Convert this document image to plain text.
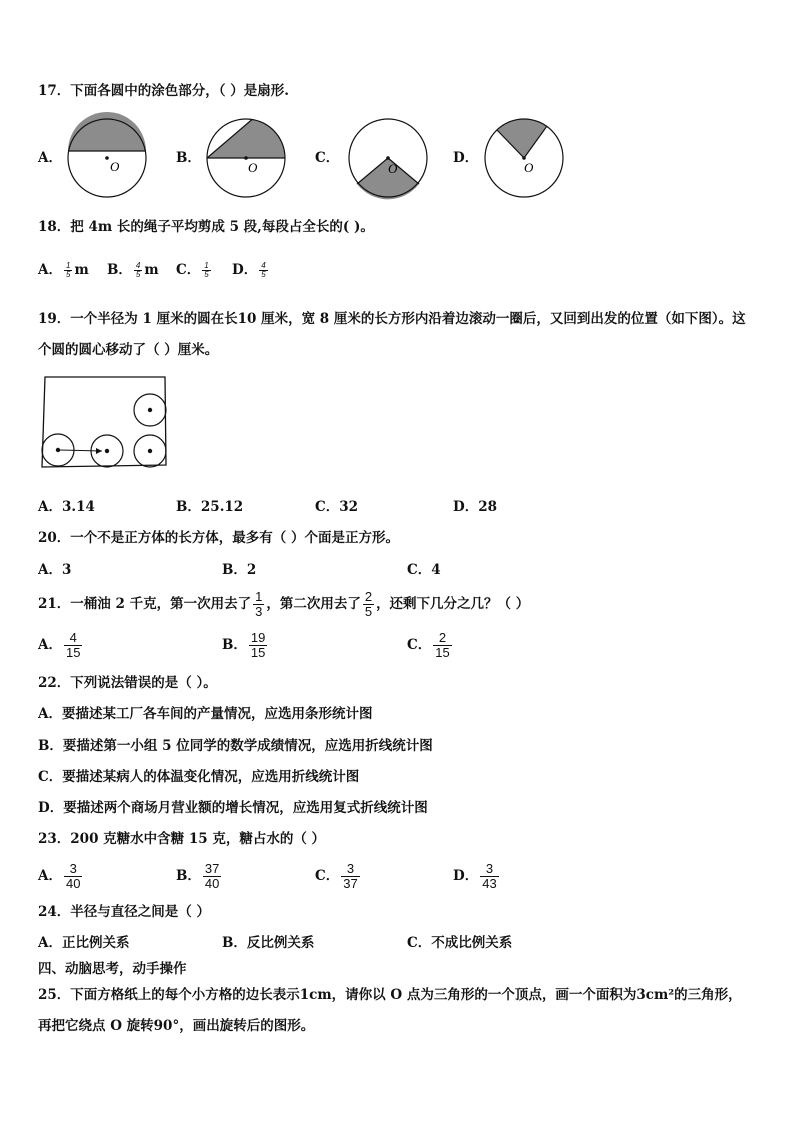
17．下面各圆中的涂色部分，（ ）是扇形.
A．	B．	C．	D．
O	O	O	O
18．把 4m 长的绳子平均剪成 5 段,每段占全长的( )。
A． $\frac{1}{5}$ m B． $\frac{4}{5}$ m C． $\frac{1}{5}$ D． $\frac{4}{5}$
19．一个半径为 1 厘米的圆在长10 厘米，宽 8 厘米的长方形内沿着边滚动一圈后，又回到出发的位置（如下图）。这
个圆的圆心移动了（ ）厘米。
A．3.14	B．25.12	C．32	D．28
20．一个不是正方体的长方体，最多有（ ）个面是正方形。
A．3	B．2	C．4
21．一桶油 2 千克，第一次用去了 $\frac{1}{3}$ ，第二次用去了 $\frac{2}{5}$ ，还剩下几分之几？（ ）
A． $\frac{4}{15}$	B． $\frac{19}{15}$	C． $\frac{2}{15}$
22．下列说法错误的是（ ）。
A．要描述某工厂各车间的产量情况，应选用条形统计图
B．要描述第一小组 5 位同学的数学成绩情况，应选用折线统计图
C．要描述某病人的体温变化情况，应选用折线统计图
D．要描述两个商场月营业额的增长情况，应选用复式折线统计图
23．200 克糖水中含糖 15 克，糖占水的（ ）
A． $\frac{3}{40}$	B． $\frac{37}{40}$	C． $\frac{3}{37}$	D． $\frac{3}{43}$
24．半径与直径之间是（ ）
A．正比例关系	B．反比例关系	C．不成比例关系
四、动脑思考，动手操作
25．下面方格纸上的每个小方格的边长表示1cm，请你以 O 点为三角形的一个顶点，画一个面积为3cm²的三角形，
再把它绕点 O 旋转90°，画出旋转后的图形。
